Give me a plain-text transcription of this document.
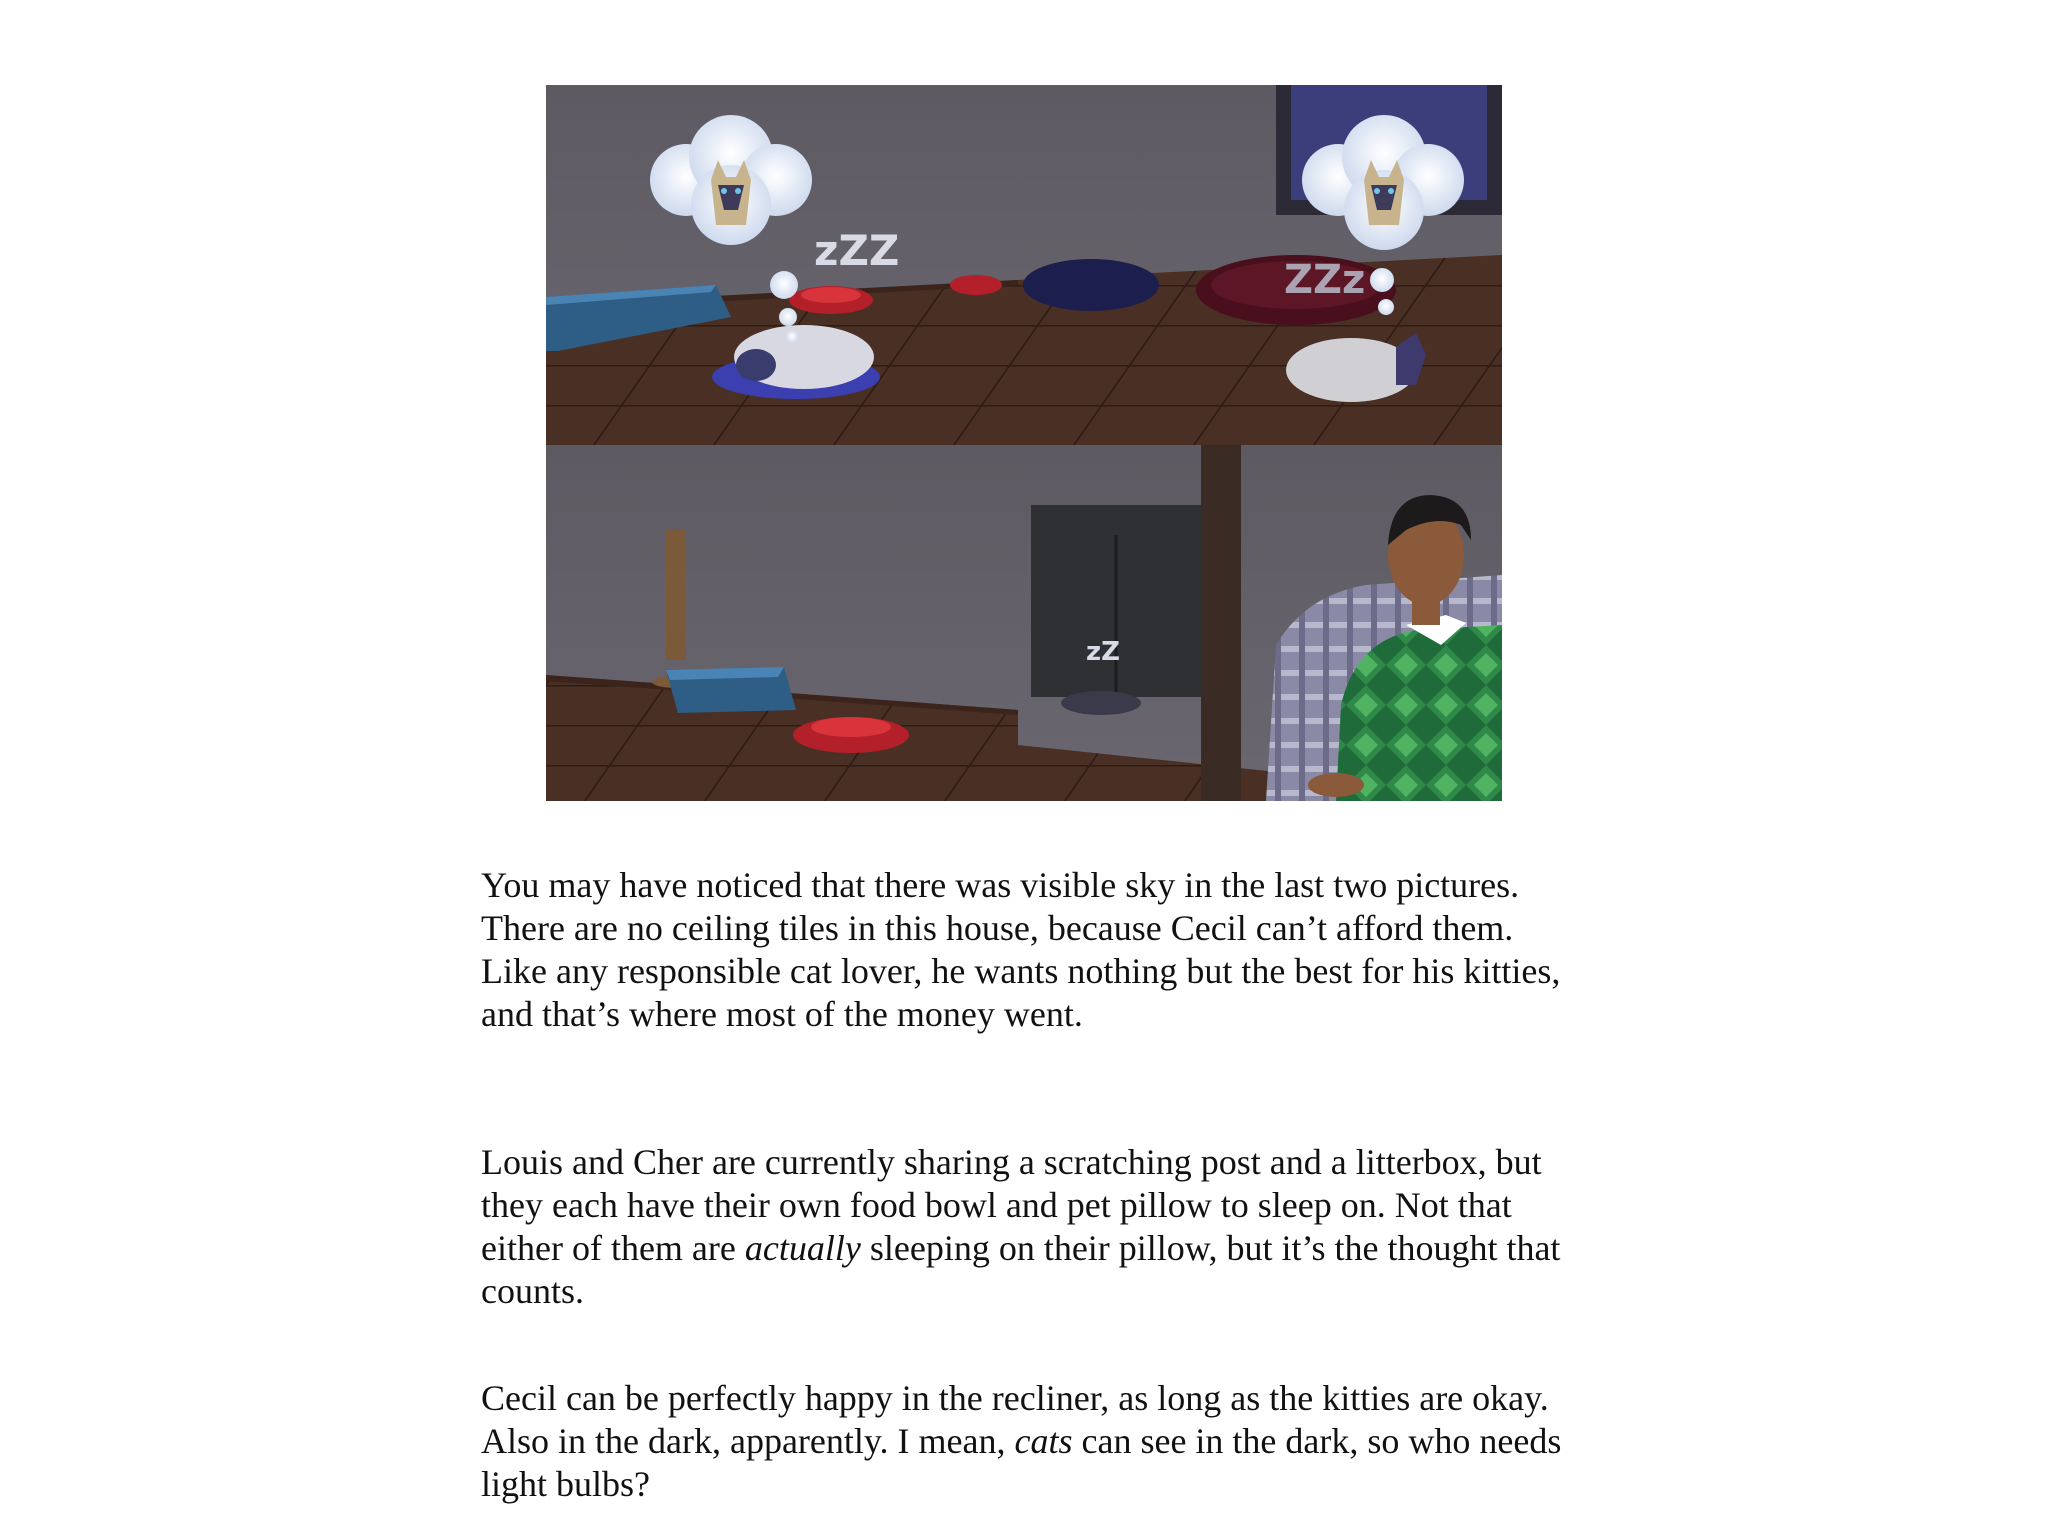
zZZ
ZZz
zZ

You may have noticed that there was visible sky in the last two pictures. There are no ceiling tiles in this house, because Cecil can’t afford them. Like any responsible cat lover, he wants nothing but the best for his kitties, and that’s where most of the money went.

Louis and Cher are currently sharing a scratching post and a litterbox, but they each have their own food bowl and pet pillow to sleep on. Not that either of them are actually sleeping on their pillow, but it’s the thought that counts.

Cecil can be perfectly happy in the recliner, as long as the kitties are okay. Also in the dark, apparently. I mean, cats can see in the dark, so who needs light bulbs?
